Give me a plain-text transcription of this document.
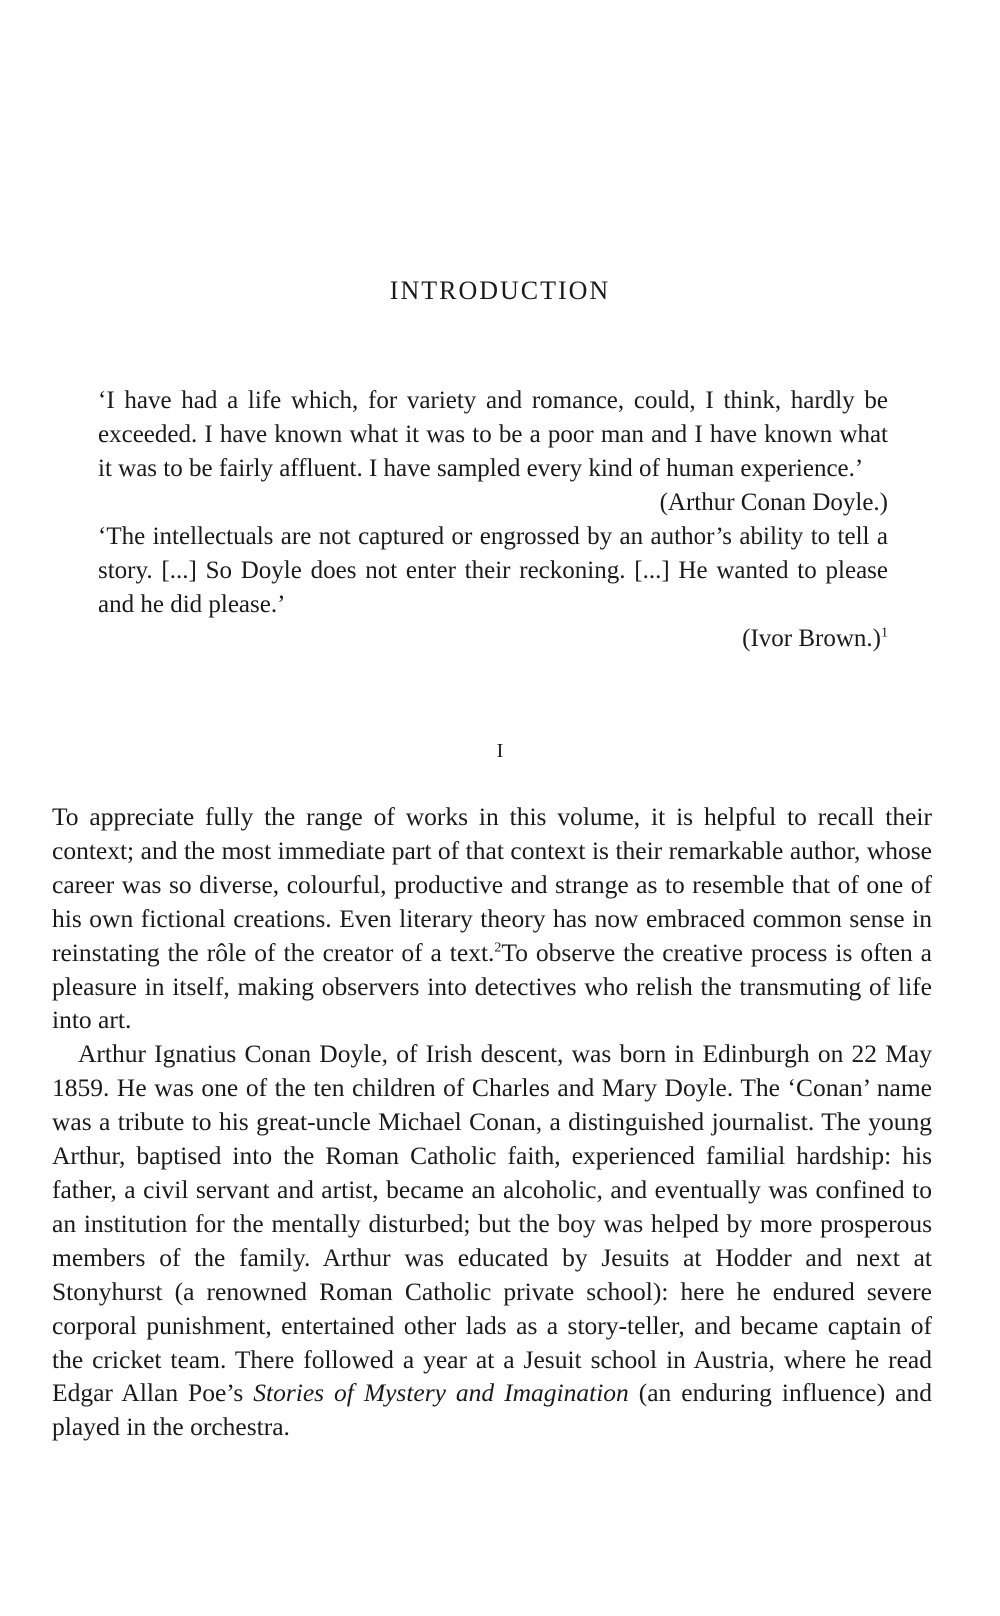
INTRODUCTION

‘I have had a life which, for variety and romance, could, I think, hardly be exceeded. I have known what it was to be a poor man and I have known what it was to be fairly affluent. I have sampled every kind of human experience.’

(Arthur Conan Doyle.)

‘The intellectuals are not captured or engrossed by an author’s ability to tell a story. [...] So Doyle does not enter their reckoning. [...] He wanted to please and he did please.’

(Ivor Brown.)$^1$

I

To appreciate fully the range of works in this volume, it is helpful to recall their context; and the most immediate part of that context is their remarkable author, whose career was so diverse, colourful, productive and strange as to resemble that of one of his own fictional creations. Even literary theory has now embraced common sense in reinstating the rôle of the creator of a text.$^2$To observe the creative process is often a pleasure in itself, making observers into detectives who relish the transmuting of life into art.

Arthur Ignatius Conan Doyle, of Irish descent, was born in Edinburgh on 22 May 1859. He was one of the ten children of Charles and Mary Doyle. The ‘Conan’ name was a tribute to his great-uncle Michael Conan, a distinguished journalist. The young Arthur, baptised into the Roman Catholic faith, experienced familial hardship: his father, a civil servant and artist, became an alcoholic, and eventually was confined to an institution for the mentally disturbed; but the boy was helped by more prosperous members of the family. Arthur was educated by Jesuits at Hodder and next at Stonyhurst (a renowned Roman Catholic private school): here he endured severe corporal punishment, entertained other lads as a story-teller, and became captain of the cricket team. There followed a year at a Jesuit school in Austria, where he read Edgar Allan Poe’s Stories of Mystery and Imagination (an enduring influence) and played in the orchestra.
